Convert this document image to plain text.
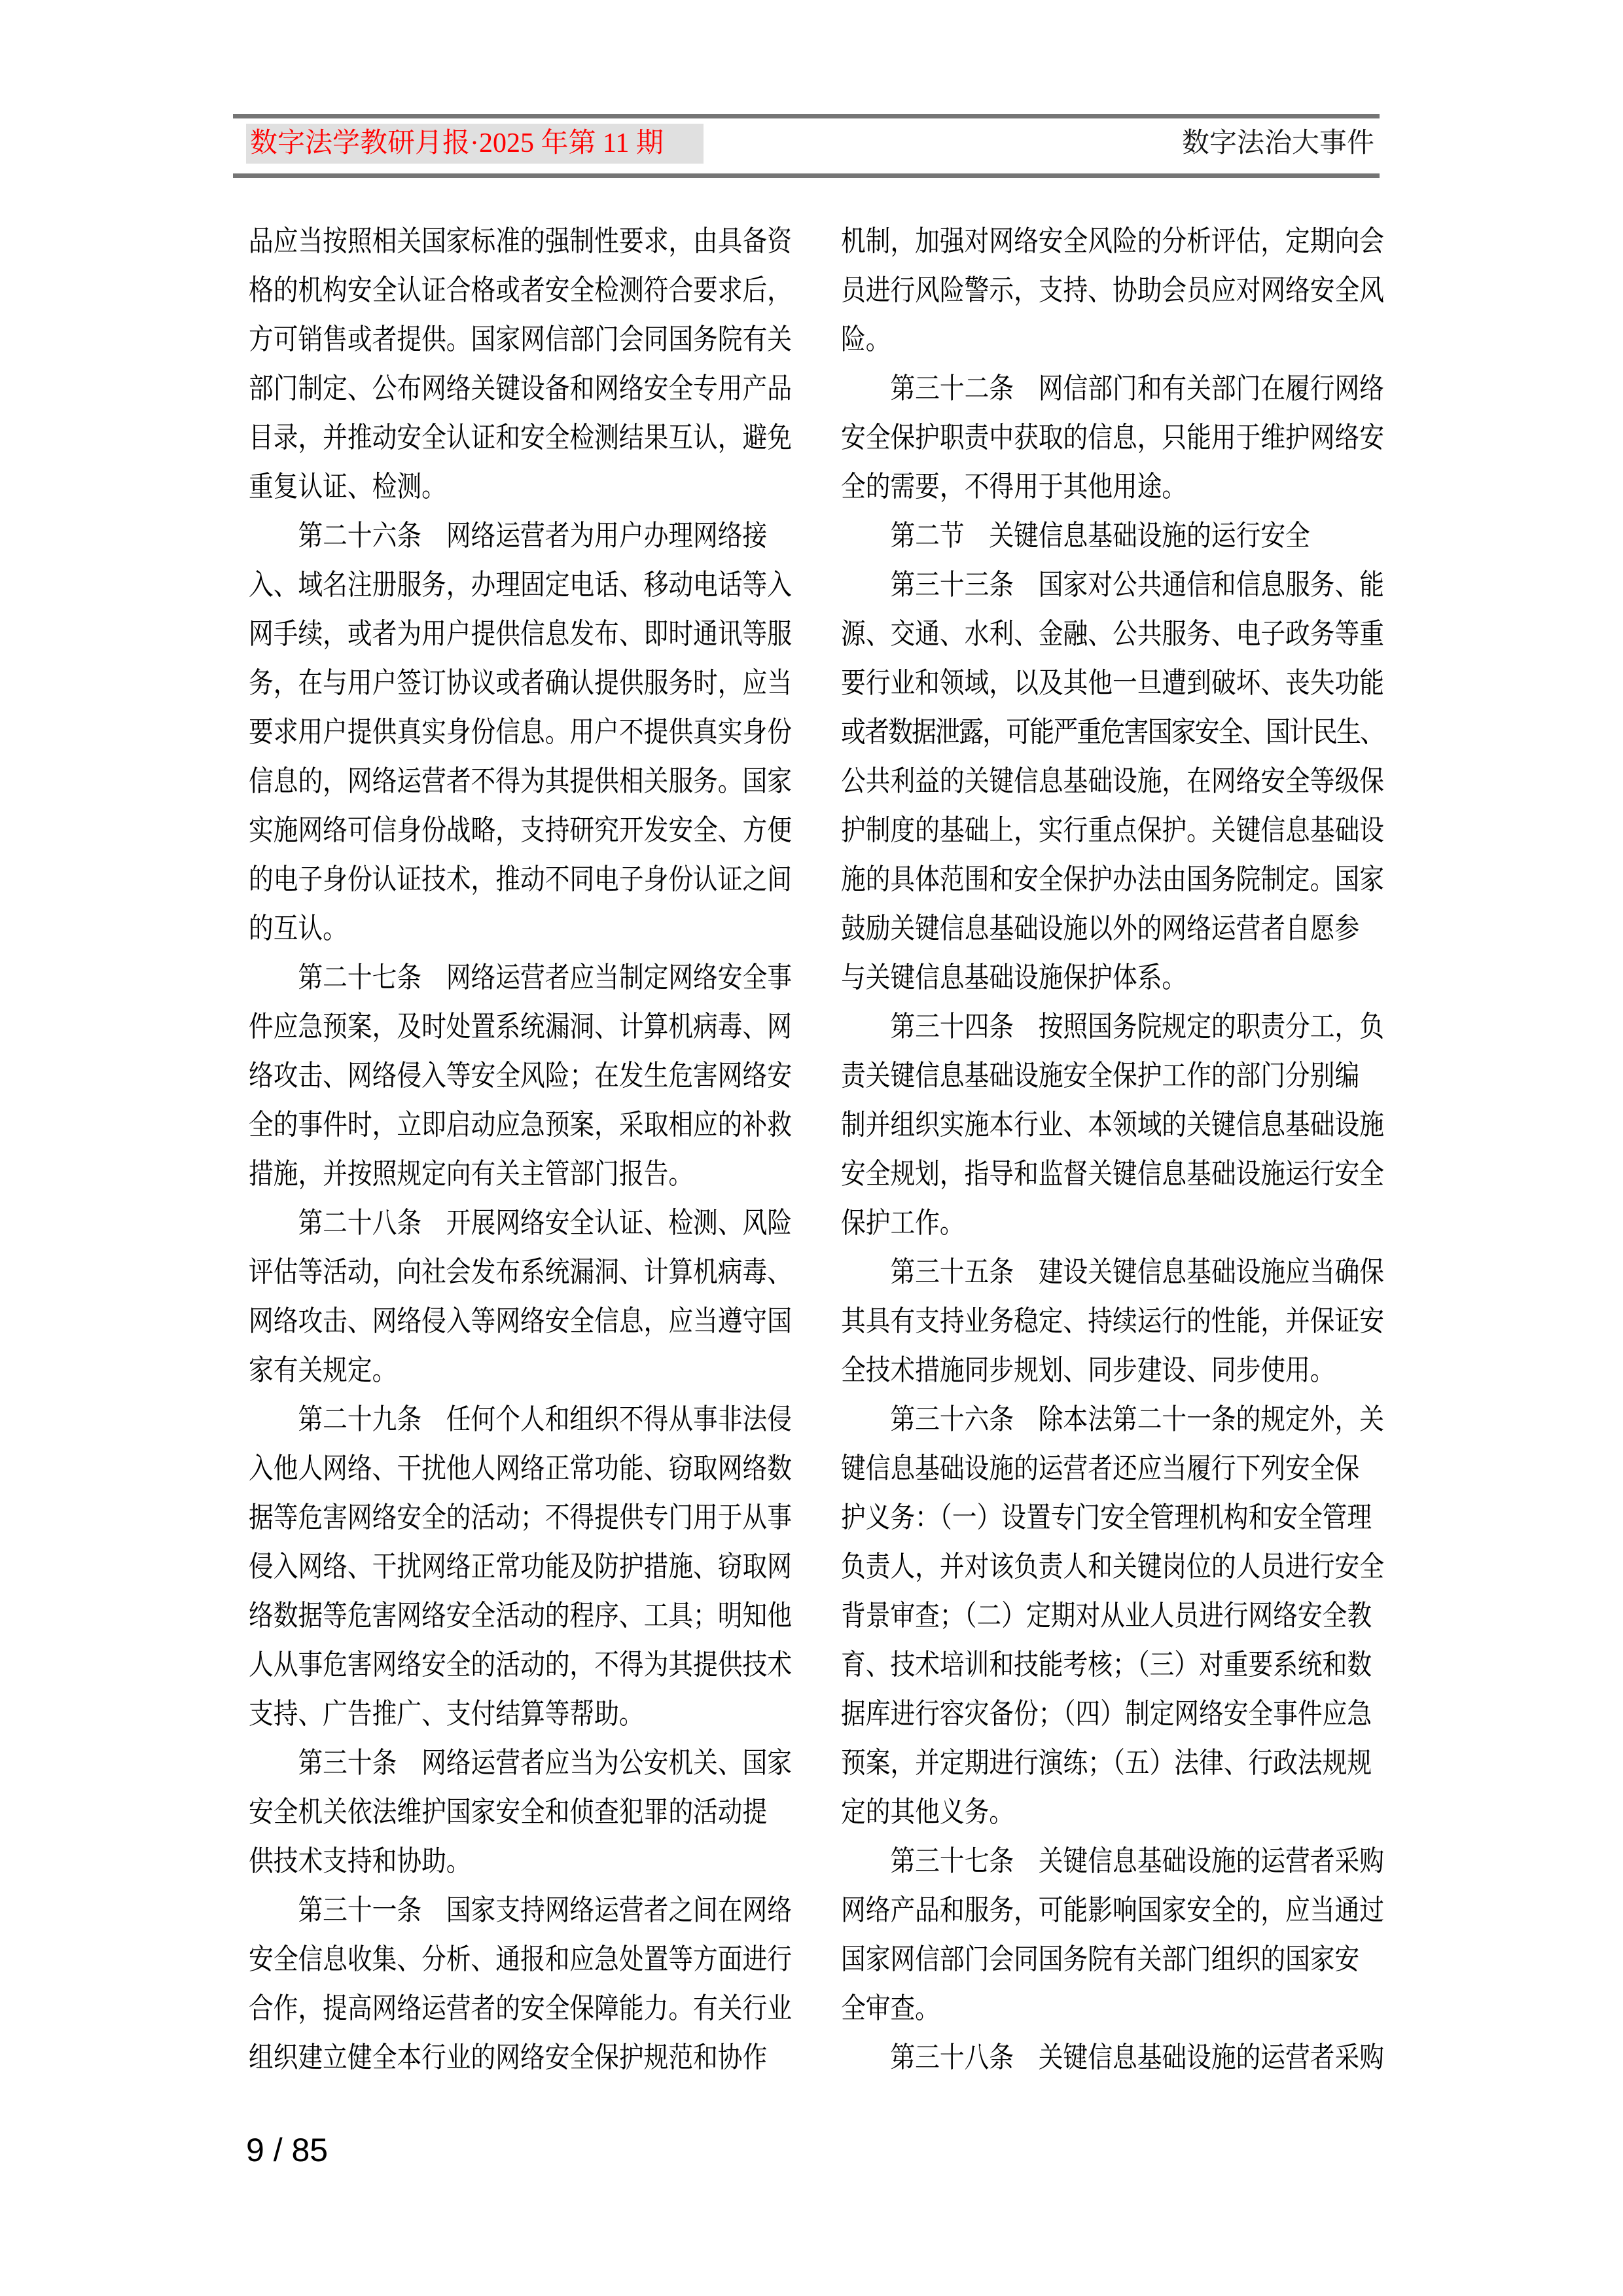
数字法学教研月报·2025 年第 11 期	数字法治大事件
品应当按照相关国家标准的强制性要求，由具备资
格的机构安全认证合格或者安全检测符合要求后，
方可销售或者提供。国家网信部门会同国务院有关
部门制定、公布网络关键设备和网络安全专用产品
目录，并推动安全认证和安全检测结果互认，避免
重复认证、检测。
第二十六条　网络运营者为用户办理网络接
入、域名注册服务，办理固定电话、移动电话等入
网手续，或者为用户提供信息发布、即时通讯等服
务，在与用户签订协议或者确认提供服务时，应当
要求用户提供真实身份信息。用户不提供真实身份
信息的，网络运营者不得为其提供相关服务。国家
实施网络可信身份战略，支持研究开发安全、方便
的电子身份认证技术，推动不同电子身份认证之间
的互认。
第二十七条　网络运营者应当制定网络安全事
件应急预案，及时处置系统漏洞、计算机病毒、网
络攻击、网络侵入等安全风险；在发生危害网络安
全的事件时，立即启动应急预案，采取相应的补救
措施，并按照规定向有关主管部门报告。
第二十八条　开展网络安全认证、检测、风险
评估等活动，向社会发布系统漏洞、计算机病毒、
网络攻击、网络侵入等网络安全信息，应当遵守国
家有关规定。
第二十九条　任何个人和组织不得从事非法侵
入他人网络、干扰他人网络正常功能、窃取网络数
据等危害网络安全的活动；不得提供专门用于从事
侵入网络、干扰网络正常功能及防护措施、窃取网
络数据等危害网络安全活动的程序、工具；明知他
人从事危害网络安全的活动的，不得为其提供技术
支持、广告推广、支付结算等帮助。
第三十条　网络运营者应当为公安机关、国家
安全机关依法维护国家安全和侦查犯罪的活动提
供技术支持和协助。
第三十一条　国家支持网络运营者之间在网络
安全信息收集、分析、通报和应急处置等方面进行
合作，提高网络运营者的安全保障能力。有关行业
组织建立健全本行业的网络安全保护规范和协作
机制，加强对网络安全风险的分析评估，定期向会
员进行风险警示，支持、协助会员应对网络安全风
险。
第三十二条　网信部门和有关部门在履行网络
安全保护职责中获取的信息，只能用于维护网络安
全的需要，不得用于其他用途。
第二节　关键信息基础设施的运行安全
第三十三条　国家对公共通信和信息服务、能
源、交通、水利、金融、公共服务、电子政务等重
要行业和领域，以及其他一旦遭到破坏、丧失功能
或者数据泄露，可能严重危害国家安全、国计民生、
公共利益的关键信息基础设施，在网络安全等级保
护制度的基础上，实行重点保护。关键信息基础设
施的具体范围和安全保护办法由国务院制定。国家
鼓励关键信息基础设施以外的网络运营者自愿参
与关键信息基础设施保护体系。
第三十四条　按照国务院规定的职责分工，负
责关键信息基础设施安全保护工作的部门分别编
制并组织实施本行业、本领域的关键信息基础设施
安全规划，指导和监督关键信息基础设施运行安全
保护工作。
第三十五条　建设关键信息基础设施应当确保
其具有支持业务稳定、持续运行的性能，并保证安
全技术措施同步规划、同步建设、同步使用。
第三十六条　除本法第二十一条的规定外，关
键信息基础设施的运营者还应当履行下列安全保
护义务：（一）设置专门安全管理机构和安全管理
负责人，并对该负责人和关键岗位的人员进行安全
背景审查；（二）定期对从业人员进行网络安全教
育、技术培训和技能考核；（三）对重要系统和数
据库进行容灾备份；（四）制定网络安全事件应急
预案，并定期进行演练；（五）法律、行政法规规
定的其他义务。
第三十七条　关键信息基础设施的运营者采购
网络产品和服务，可能影响国家安全的，应当通过
国家网信部门会同国务院有关部门组织的国家安
全审查。
第三十八条　关键信息基础设施的运营者采购
9 / 85
